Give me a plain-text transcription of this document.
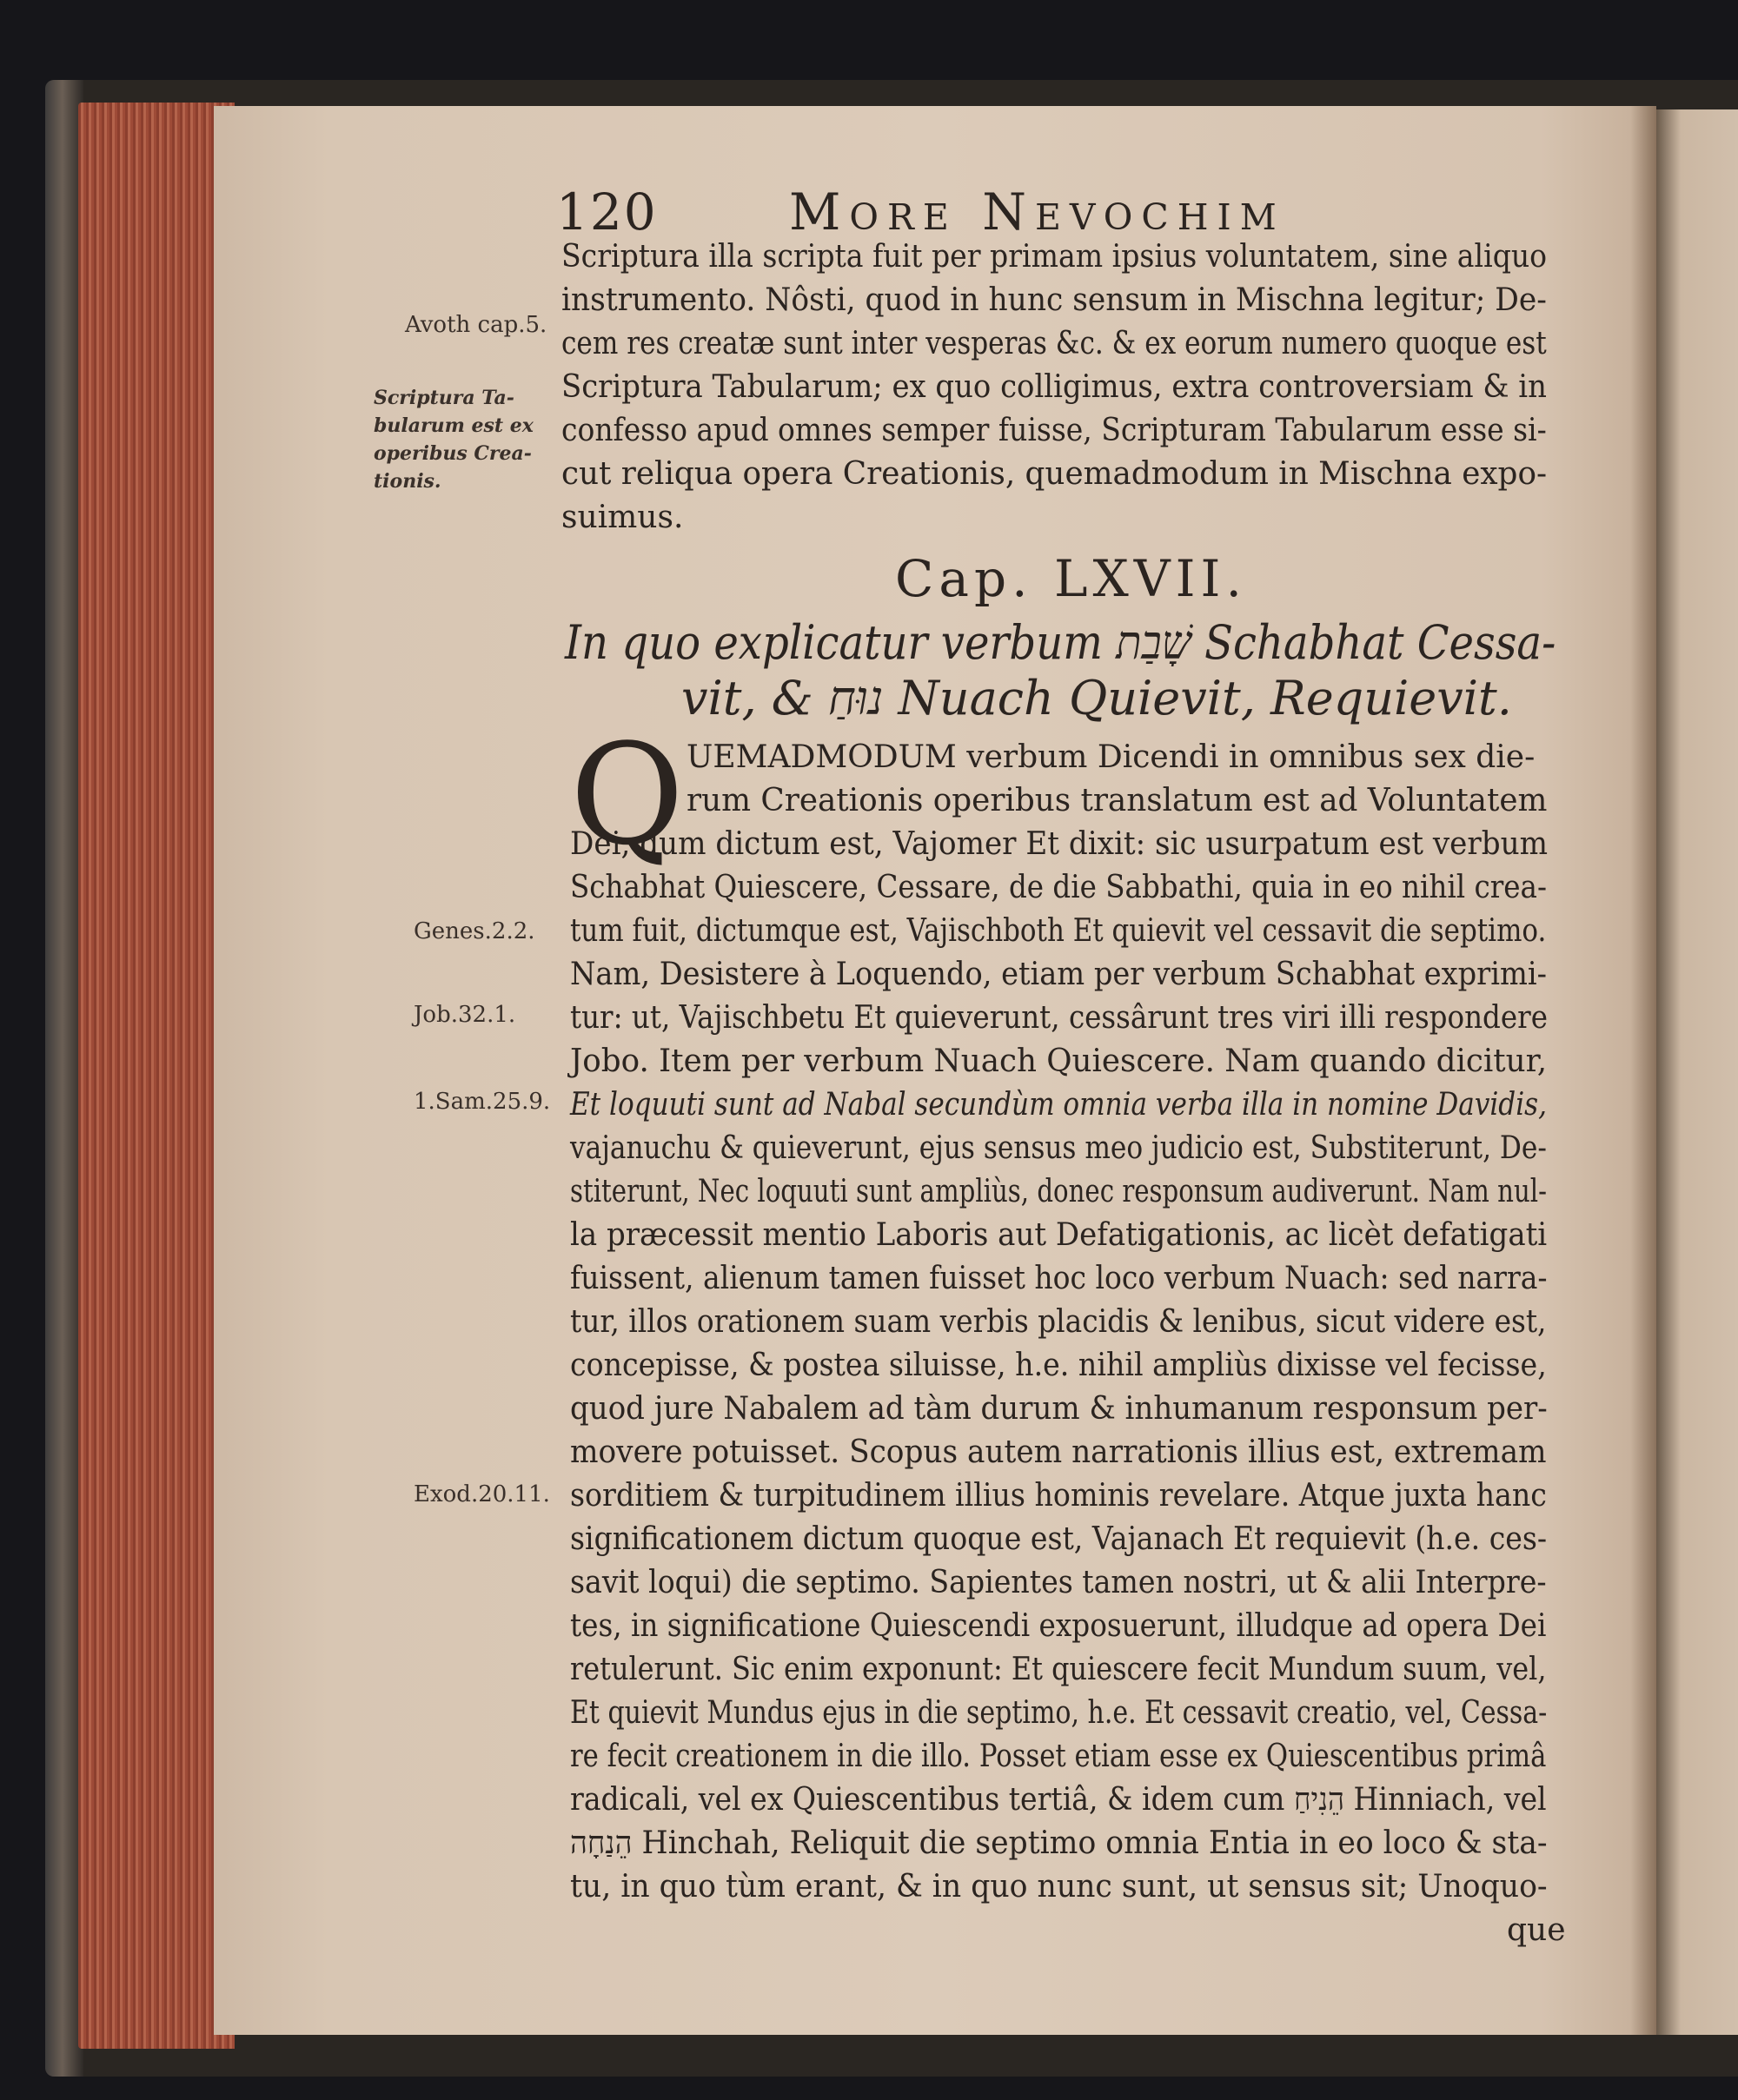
120	More Nevochim
Scriptura illa scripta fuit per primam ipsius voluntatem, sine aliquo
instrumento. Nôsti, quod in hunc sensum in Mischna legitur; De-
cem res creatæ sunt inter vesperas &c. & ex eorum numero quoque est
Scriptura Tabularum; ex quo colligimus, extra controversiam & in
confesso apud omnes semper fuisse, Scripturam Tabularum esse si-
cut reliqua opera Creationis, quemadmodum in Mischna expo-
suimus.
Avoth cap.5.
Scriptura Ta-
bularum est ex
operibus Crea-
tionis.
Cap. LXVII.
In quo explicatur verbum שָׁבַת Schabhat Cessa-
vit, & נוּחַ Nuach Quievit, Requievit.
Q UEMADMODUM verbum Dicendi in omnibus sex die-
rum Creationis operibus translatum est ad Voluntatem
Dei, dum dictum est, Vajomer Et dixit: sic usurpatum est verbum
Schabhat Quiescere, Cessare, de die Sabbathi, quia in eo nihil crea-
tum fuit, dictumque est, Vajischboth Et quievit vel cessavit die septimo.
Nam, Desistere à Loquendo, etiam per verbum Schabhat exprimi-
tur: ut, Vajischbetu Et quieverunt, cessârunt tres viri illi respondere
Jobo. Item per verbum Nuach Quiescere. Nam quando dicitur,
Et loquuti sunt ad Nabal secundùm omnia verba illa in nomine Davidis,
vajanuchu & quieverunt, ejus sensus meo judicio est, Substiterunt, De-
stiterunt, Nec loquuti sunt ampliùs, donec responsum audiverunt. Nam nul-
la præcessit mentio Laboris aut Defatigationis, ac licèt defatigati
fuissent, alienum tamen fuisset hoc loco verbum Nuach: sed narra-
tur, illos orationem suam verbis placidis & lenibus, sicut videre est,
concepisse, & postea siluisse, h.e. nihil ampliùs dixisse vel fecisse,
quod jure Nabalem ad tàm durum & inhumanum responsum per-
movere potuisset. Scopus autem narrationis illius est, extremam
sorditiem & turpitudinem illius hominis revelare. Atque juxta hanc
significationem dictum quoque est, Vajanach Et requievit (h.e. ces-
savit loqui) die septimo. Sapientes tamen nostri, ut & alii Interpre-
tes, in significatione Quiescendi exposuerunt, illudque ad opera Dei
retulerunt. Sic enim exponunt: Et quiescere fecit Mundum suum, vel,
Et quievit Mundus ejus in die septimo, h.e. Et cessavit creatio, vel, Cessa-
re fecit creationem in die illo. Posset etiam esse ex Quiescentibus primâ
radicali, vel ex Quiescentibus tertiâ, & idem cum הֵנִיחַ Hinniach, vel
הֵנַחָה Hinchah, Reliquit die septimo omnia Entia in eo loco & sta-
tu, in quo tùm erant, & in quo nunc sunt, ut sensus sit; Unoquo-
que
Genes.2.2.
Job.32.1.
1.Sam.25.9.
Exod.20.11.
